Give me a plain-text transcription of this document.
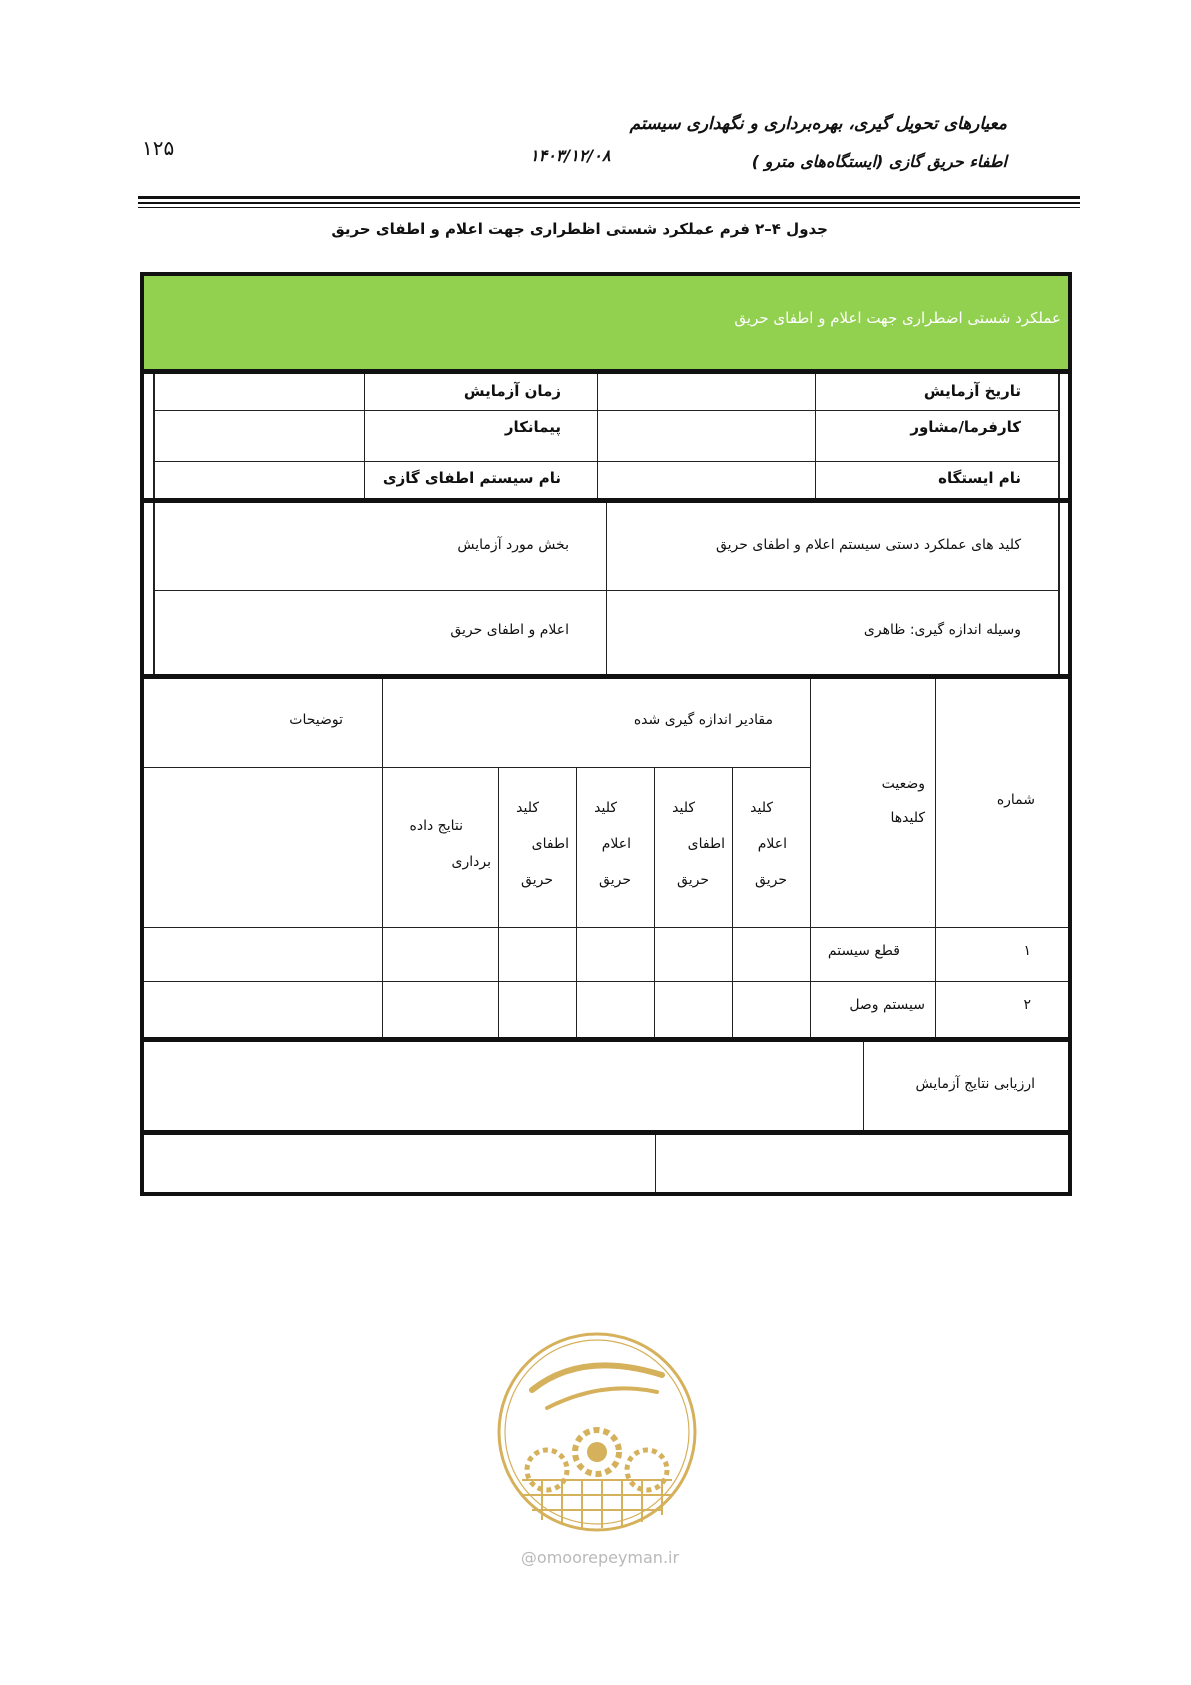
معیارهای تحویل گیری، بهره‌برداری و نگهداری سیستم
اطفاء حریق گازی (ایستگاه‌های مترو )
۱۴۰۳/۱۲/۰۸
۱۲۵
جدول ۴–۲ فرم عملکرد شستی اظطراری جهت اعلام و اطفای حریق
عملکرد شستی اضطراری جهت اعلام و اطفای حریق
تاریخ آزمایش
زمان آزمایش
کارفرما/مشاور
پیمانکار
نام ایستگاه
نام سیستم اطفای گازی
کلید های عملکرد دستی سیستم اعلام و اطفای حریق
بخش مورد آزمایش
وسیله اندازه گیری: ظاهری
اعلام و اطفای حریق
شماره
وضعیت
کلیدها
مقادیر اندازه گیری شده
توضیحات
کلید
اعلام
حریق
کلید
اطفای
حریق
کلید
اعلام
حریق
کلید
اطفای
حریق
نتایج داده
برداری
۱
قطع سیستم
۲
سیستم وصل
ارزیابی نتایج آزمایش
@omoorepeyman.ir
